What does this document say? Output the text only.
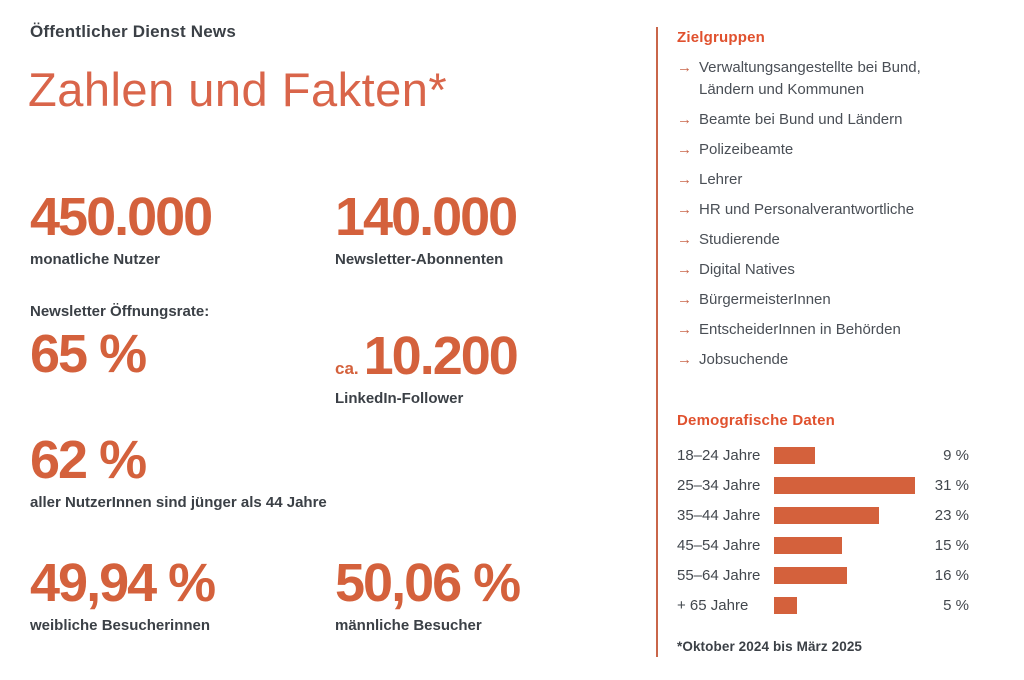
Öffentlicher Dienst News
Zahlen und Fakten*
450.000
monatliche Nutzer
140.000
Newsletter-Abonnenten
Newsletter Öffnungsrate:
65 %	ca.10.200
LinkedIn-Follower
62 %
aller NutzerInnen sind jünger als 44 Jahre
49,94 %
weibliche Besucherinnen
50,06 %
männliche Besucher
Zielgruppen
→ Verwaltungsangestellte bei Bund, Ländern und Kommunen
→ Beamte bei Bund und Ländern
→ Polizeibeamte
→ Lehrer
→ HR und Personalverantwortliche
→ Studierende
→ Digital Natives
→ BürgermeisterInnen
→ EntscheiderInnen in Behörden
→ Jobsuchende
Demografische Daten
18–24 Jahre	9 %
25–34 Jahre	31 %
35–44 Jahre	23 %
45–54 Jahre	15 %
55–64 Jahre	16 %
+ 65 Jahre	5 %
*Oktober 2024 bis März 2025
